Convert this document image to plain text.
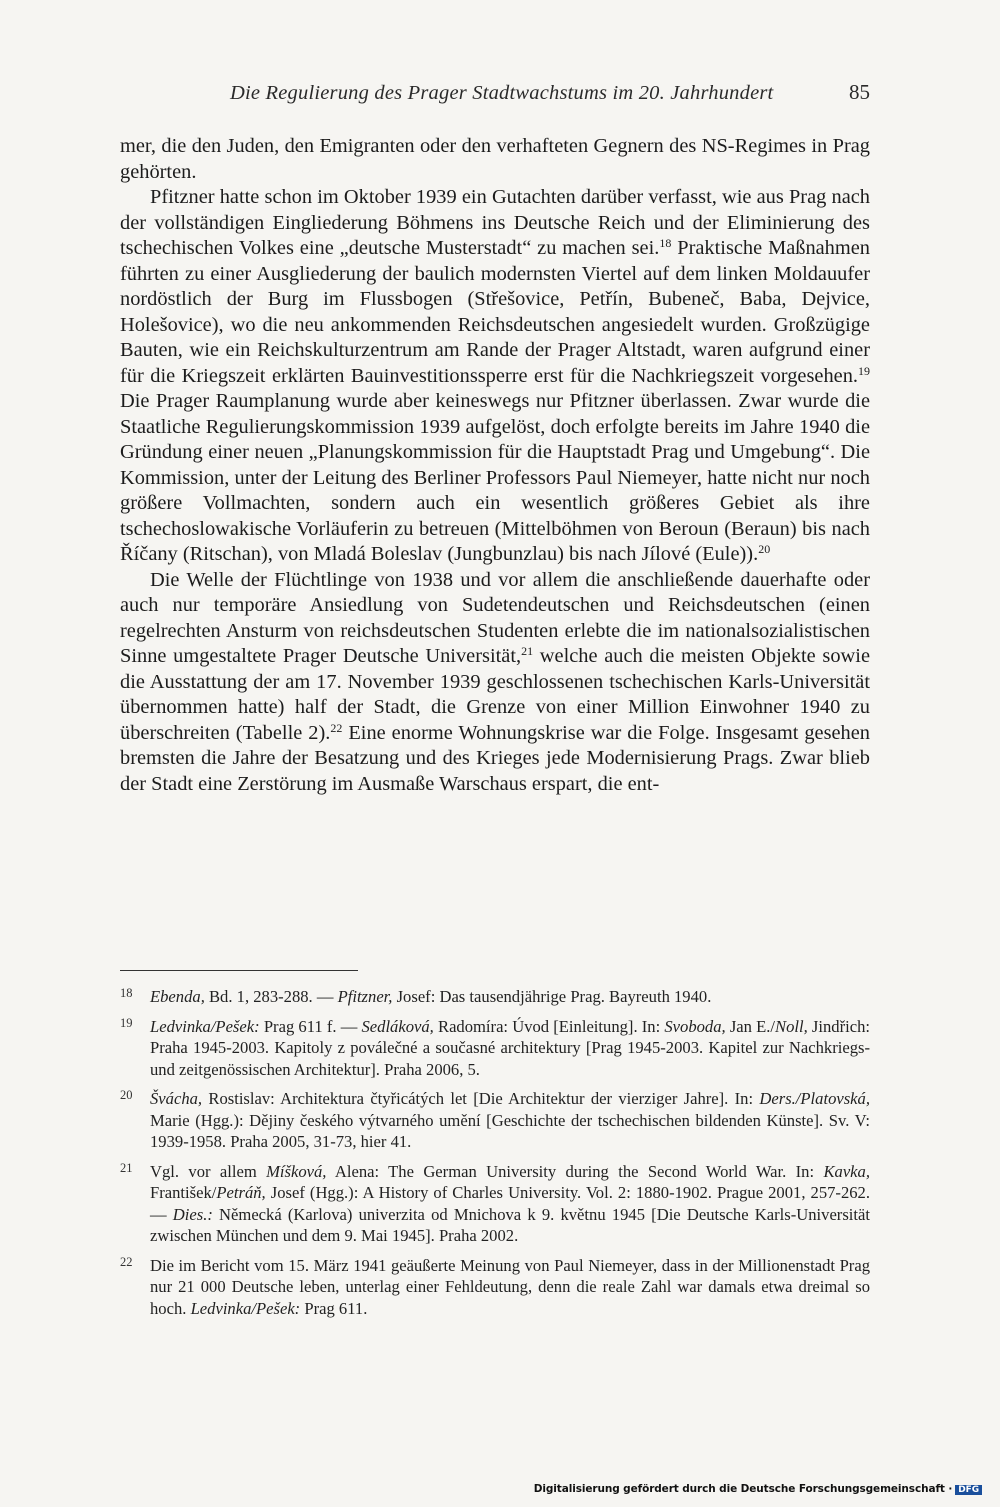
Die Regulierung des Prager Stadtwachstums im 20. Jahrhundert	85

mer, die den Juden, den Emigranten oder den verhafteten Gegnern des NS-Regimes in Prag gehörten.

Pfitzner hatte schon im Oktober 1939 ein Gutachten darüber verfasst, wie aus Prag nach der vollständigen Eingliederung Böhmens ins Deutsche Reich und der Eliminierung des tschechischen Volkes eine „deutsche Musterstadt“ zu machen sei.$^{18}$ Praktische Maßnahmen führten zu einer Ausgliederung der baulich modernsten Viertel auf dem linken Moldauufer nordöstlich der Burg im Flussbogen (Střešovice, Petřín, Bubeneč, Baba, Dejvice, Holešovice), wo die neu ankommenden Reichsdeutschen angesiedelt wurden. Großzügige Bauten, wie ein Reichskulturzentrum am Rande der Prager Altstadt, waren aufgrund einer für die Kriegszeit erklärten Bauinvestitionssperre erst für die Nachkriegszeit vorgesehen.$^{19}$ Die Prager Raumplanung wurde aber keineswegs nur Pfitzner überlassen. Zwar wurde die Staatliche Regulierungskommission 1939 aufgelöst, doch erfolgte bereits im Jahre 1940 die Gründung einer neuen „Planungskommission für die Hauptstadt Prag und Umgebung“. Die Kommission, unter der Leitung des Berliner Professors Paul Niemeyer, hatte nicht nur noch größere Vollmachten, sondern auch ein wesentlich größeres Gebiet als ihre tschechoslowakische Vorläuferin zu betreuen (Mittelböhmen von Beroun (Beraun) bis nach Říčany (Ritschan), von Mladá Boleslav (Jungbunzlau) bis nach Jílové (Eule)).$^{20}$

Die Welle der Flüchtlinge von 1938 und vor allem die anschließende dauerhafte oder auch nur temporäre Ansiedlung von Sudetendeutschen und Reichsdeutschen (einen regelrechten Ansturm von reichsdeutschen Studenten erlebte die im nationalsozialistischen Sinne umgestaltete Prager Deutsche Universität,$^{21}$ welche auch die meisten Objekte sowie die Ausstattung der am 17. November 1939 geschlossenen tschechischen Karls-Universität übernommen hatte) half der Stadt, die Grenze von einer Million Einwohner 1940 zu überschreiten (Tabelle 2).$^{22}$ Eine enorme Wohnungskrise war die Folge. Insgesamt gesehen bremsten die Jahre der Besatzung und des Krieges jede Modernisierung Prags. Zwar blieb der Stadt eine Zerstörung im Ausmaße Warschaus erspart, die ent-

18 Ebenda, Bd. 1, 283-288. — Pfitzner, Josef: Das tausendjährige Prag. Bayreuth 1940.
19 Ledvinka/Pešek: Prag 611 f. — Sedláková, Radomíra: Úvod [Einleitung]. In: Svoboda, Jan E./Noll, Jindřich: Praha 1945-2003. Kapitoly z poválečné a současné architektury [Prag 1945-2003. Kapitel zur Nachkriegs- und zeitgenössischen Architektur]. Praha 2006, 5.
20 Švácha, Rostislav: Architektura čtyřicátých let [Die Architektur der vierziger Jahre]. In: Ders./Platovská, Marie (Hgg.): Dějiny českého výtvarného umění [Geschichte der tschechischen bildenden Künste]. Sv. V: 1939-1958. Praha 2005, 31-73, hier 41.
21 Vgl. vor allem Míšková, Alena: The German University during the Second World War. In: Kavka, František/Petráň, Josef (Hgg.): A History of Charles University. Vol. 2: 1880-1902. Prague 2001, 257-262. — Dies.: Německá (Karlova) univerzita od Mnichova k 9. květnu 1945 [Die Deutsche Karls-Universität zwischen München und dem 9. Mai 1945]. Praha 2002.
22 Die im Bericht vom 15. März 1941 geäußerte Meinung von Paul Niemeyer, dass in der Millionenstadt Prag nur 21 000 Deutsche leben, unterlag einer Fehldeutung, denn die reale Zahl war damals etwa dreimal so hoch. Ledvinka/Pešek: Prag 611.
Digitalisierung gefördert durch die Deutsche Forschungsgemeinschaft · DFG
